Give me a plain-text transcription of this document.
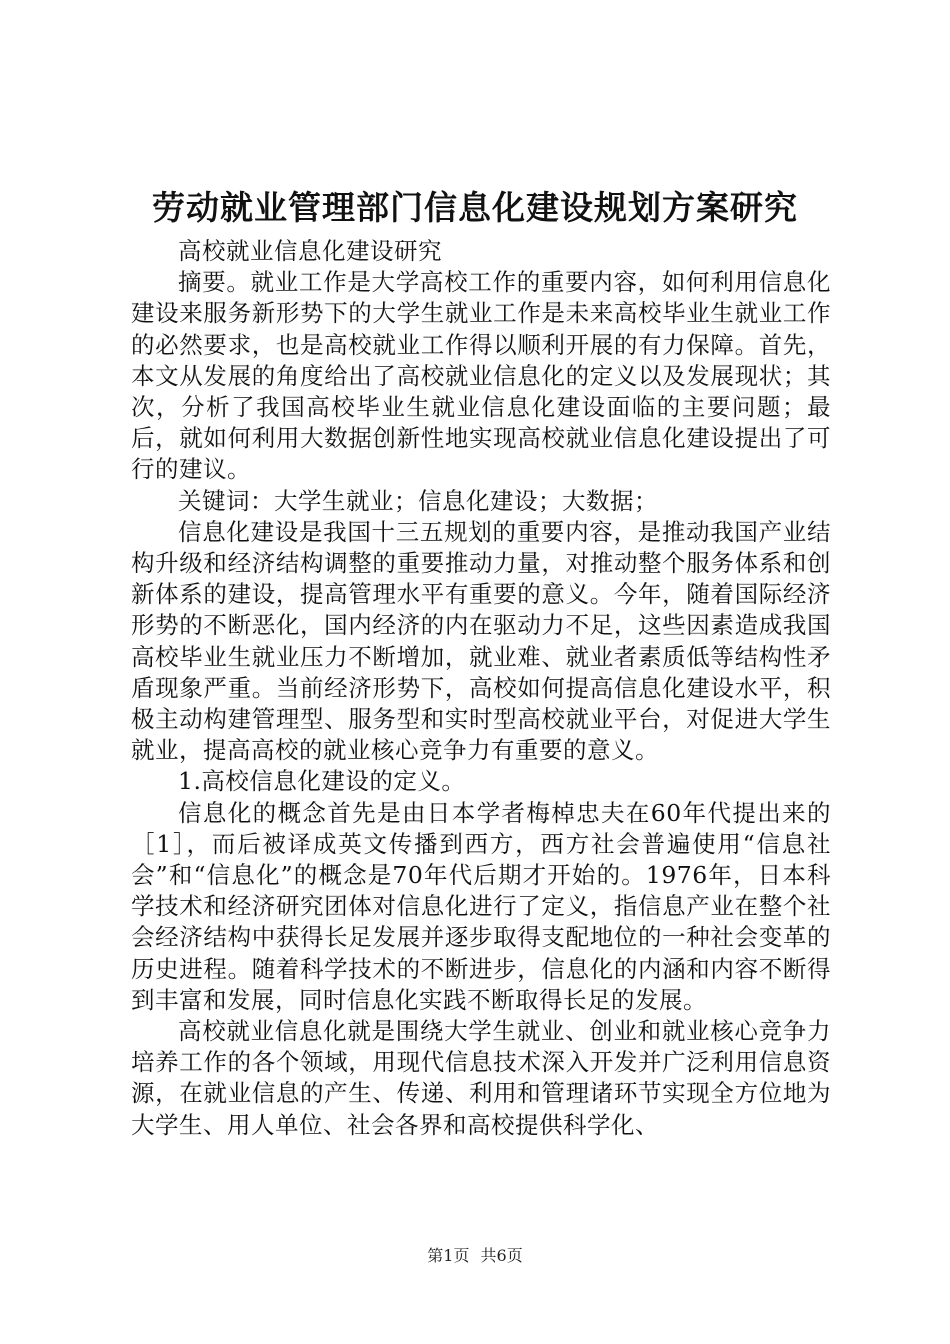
劳动就业管理部门信息化建设规划方案研究

高校就业信息化建设研究

摘要。就业工作是大学高校工作的重要内容，如何利用信息化建设来服务新形势下的大学生就业工作是未来高校毕业生就业工作的必然要求，也是高校就业工作得以顺利开展的有力保障。首先，本文从发展的角度给出了高校就业信息化的定义以及发展现状；其次，分析了我国高校毕业生就业信息化建设面临的主要问题；最后，就如何利用大数据创新性地实现高校就业信息化建设提出了可行的建议。

关键词：大学生就业；信息化建设；大数据；

信息化建设是我国十三五规划的重要内容，是推动我国产业结构升级和经济结构调整的重要推动力量，对推动整个服务体系和创新体系的建设，提高管理水平有重要的意义。今年，随着国际经济形势的不断恶化，国内经济的内在驱动力不足，这些因素造成我国高校毕业生就业压力不断增加，就业难、就业者素质低等结构性矛盾现象严重。当前经济形势下，高校如何提高信息化建设水平，积极主动构建管理型、服务型和实时型高校就业平台，对促进大学生就业，提高高校的就业核心竞争力有重要的意义。

1.高校信息化建设的定义。

信息化的概念首先是由日本学者梅棹忠夫在60年代提出来的［1］，而后被译成英文传播到西方，西方社会普遍使用“信息社会”和“信息化”的概念是70年代后期才开始的。1976年，日本科学技术和经济研究团体对信息化进行了定义，指信息产业在整个社会经济结构中获得长足发展并逐步取得支配地位的一种社会变革的历史进程。随着科学技术的不断进步，信息化的内涵和内容不断得到丰富和发展，同时信息化实践不断取得长足的发展。

高校就业信息化就是围绕大学生就业、创业和就业核心竞争力培养工作的各个领域，用现代信息技术深入开发并广泛利用信息资源，在就业信息的产生、传递、利用和管理诸环节实现全方位地为大学生、用人单位、社会各界和高校提供科学化、

第1页 共6页
